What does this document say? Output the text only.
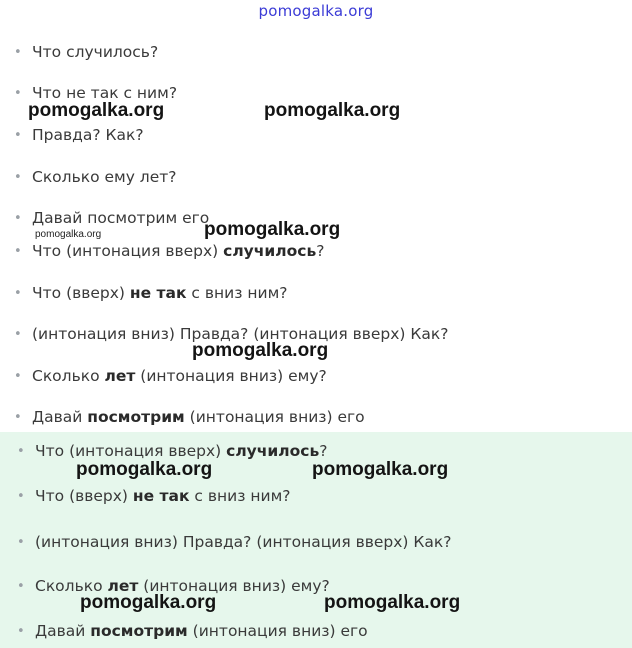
pomogalka.org
• Что случилось?
• Что не так с ним?
• Правда? Как?
• Сколько ему лет?
• Давай посмотрим его
• Что (интонация вверх) случилось?
• Что (вверх) не так с вниз ним?
• (интонация вниз) Правда? (интонация вверх) Как?
• Сколько лет (интонация вниз) ему?
• Давай посмотрим (интонация вниз) его
• Что (интонация вверх) случилось?
• Что (вверх) не так с вниз ним?
• (интонация вниз) Правда? (интонация вверх) Как?
• Сколько лет (интонация вниз) ему?
• Давай посмотрим (интонация вниз) его
pomogalka.org	pomogalka.org
pomogalka.org	pomogalka.org
pomogalka.org
pomogalka.org	pomogalka.org
pomogalka.org	pomogalka.org
